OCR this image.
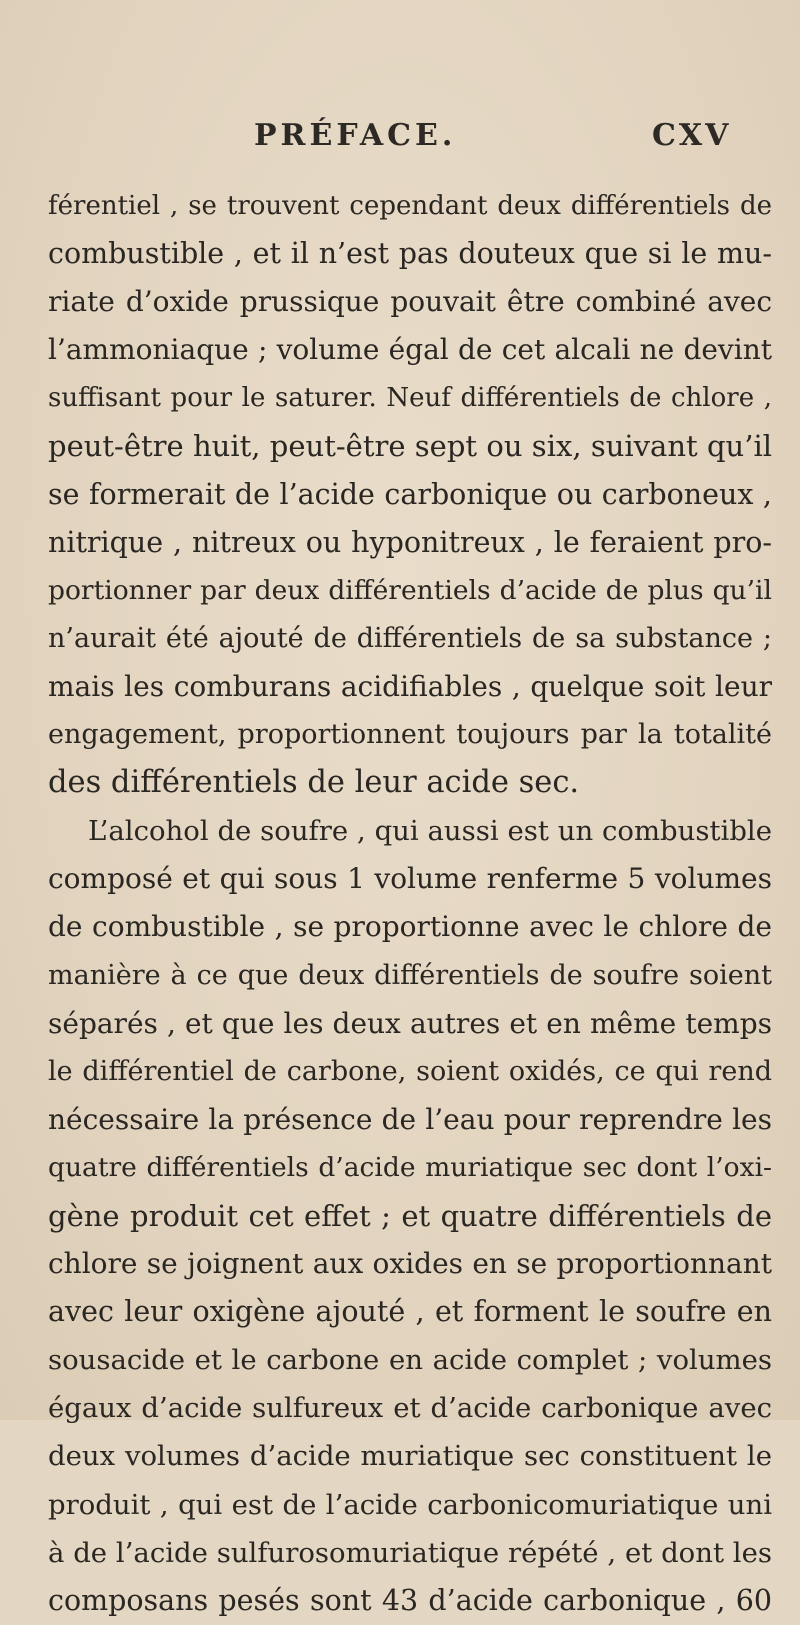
PRÉFACE.	CXV
férentiel , se trouvent cependant deux différentiels de
combustible , et il n’est pas douteux que si le mu-
riate d’oxide prussique pouvait être combiné avec
l’ammoniaque ; volume égal de cet alcali ne devint
suffisant pour le saturer. Neuf différentiels de chlore ,
peut-être huit, peut-être sept ou six, suivant qu’il
se formerait de l’acide carbonique ou carboneux ,
nitrique , nitreux ou hyponitreux , le feraient pro-
portionner par deux différentiels d’acide de plus qu’il
n’aurait été ajouté de différentiels de sa substance ;
mais les comburans acidifiables , quelque soit leur
engagement, proportionnent toujours par la totalité
des différentiels de leur acide sec.
L’alcohol de soufre , qui aussi est un combustible
composé et qui sous 1 volume renferme 5 volumes
de combustible , se proportionne avec le chlore de
manière à ce que deux différentiels de soufre soient
séparés , et que les deux autres et en même temps
le différentiel de carbone, soient oxidés, ce qui rend
nécessaire la présence de l’eau pour reprendre les
quatre différentiels d’acide muriatique sec dont l’oxi-
gène produit cet effet ; et quatre différentiels de
chlore se joignent aux oxides en se proportionnant
avec leur oxigène ajouté , et forment le soufre en
sousacide et le carbone en acide complet ; volumes
égaux d’acide sulfureux et d’acide carbonique avec
deux volumes d’acide muriatique sec constituent le
produit , qui est de l’acide carbonicomuriatique uni
à de l’acide sulfurosomuriatique répété , et dont les
composans pesés sont 43 d’acide carbonique , 60
